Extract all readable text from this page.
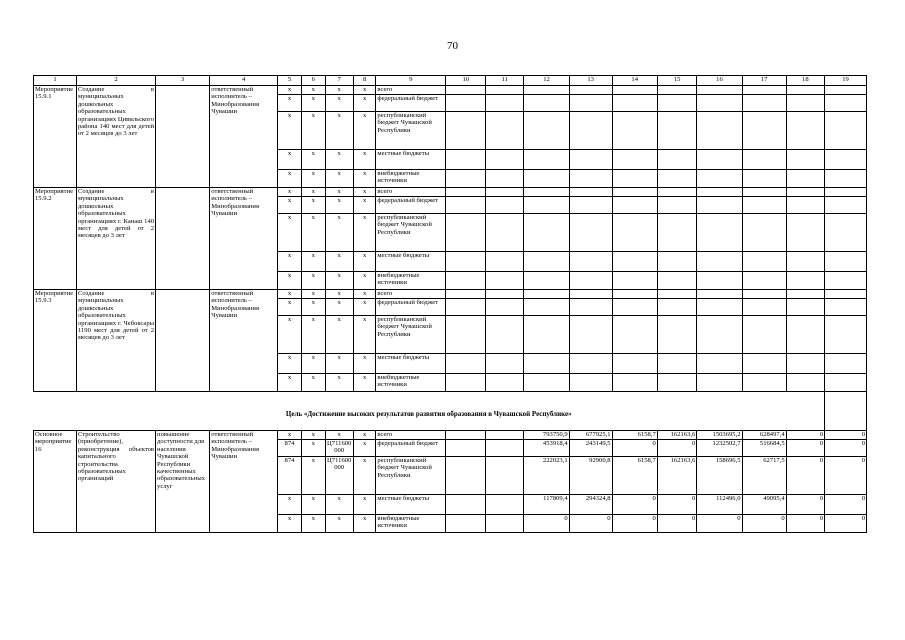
70
1	2	3	4	5	6	7	8	9	10	11	12	13	14	15	16	17	18	19
Мероприятие 15.9.1	Создание в муниципальных дошкольных образовательных организациях Цивильского района 140 мест для детей от 2 месяцев до 3 лет		ответственный исполнитель – Минобразования Чувашии	x	x	x	x	всего										
				x	x	x	x	федеральный бюджет										
				x	x	x	x	республиканский бюджет Чувашской Республики										
				x	x	x	x	местные бюджеты										
				x	x	x	x	внебюджетные источники										
Мероприятие 15.9.2	Создание в муниципальных дошкольных образовательных организациях г. Канаш 140 мест для детей от 2 месяцев до 3 лет		ответственный исполнитель – Минобразования Чувашии	x	x	x	x	всего										
				x	x	x	x	федеральный бюджет										
				x	x	x	x	республиканский бюджет Чувашской Республики										
				x	x	x	x	местные бюджеты										
				x	x	x	x	внебюджетные источники										
Мероприятие 15.9.3	Создание в муниципальных дошкольных образовательных организациях г. Чебоксары 1190 мест для детей от 2 месяцев до 3 лет		ответственный исполнитель – Минобразования Чувашии	x	x	x	x	всего										
				x	x	x	x	федеральный бюджет										
				x	x	x	x	республиканский бюджет Чувашской Республики										
				x	x	x	x	местные бюджеты										
				x	x	x	x	внебюджетные источники										
Цель «Достижение высоких результатов развития образования в Чувашской Республике»																		
Основное мероприятие 16	Строительство (приобретение), реконструкция объектов капитального строительства образовательных организаций	повышение доступности для населения Чувашской Республики качественных образовательных услуг	ответственный исполнитель – Минобразования Чувашии	x	x	x	x	всего			793750,9	677925,1	6158,7	162163,6	1503695,2	628497,4	0	0
				874	x	Ц711600000	x	федеральный бюджет			453918,4	243149,5	0	0	1232502,7	516684,5	0	0
				874	x	Ц711600000	x	республиканский бюджет Чувашской Республики			222023,1	92900,8	6158,7	162163,6	158696,5	62717,5	0	0
				x	x	x	x	местные бюджеты			117809,4	294324,8	0	0	112496,0	49095,4	0	0
				x	x	x	x	внебюджетные источники			0	0	0	0	0	0	0	0
